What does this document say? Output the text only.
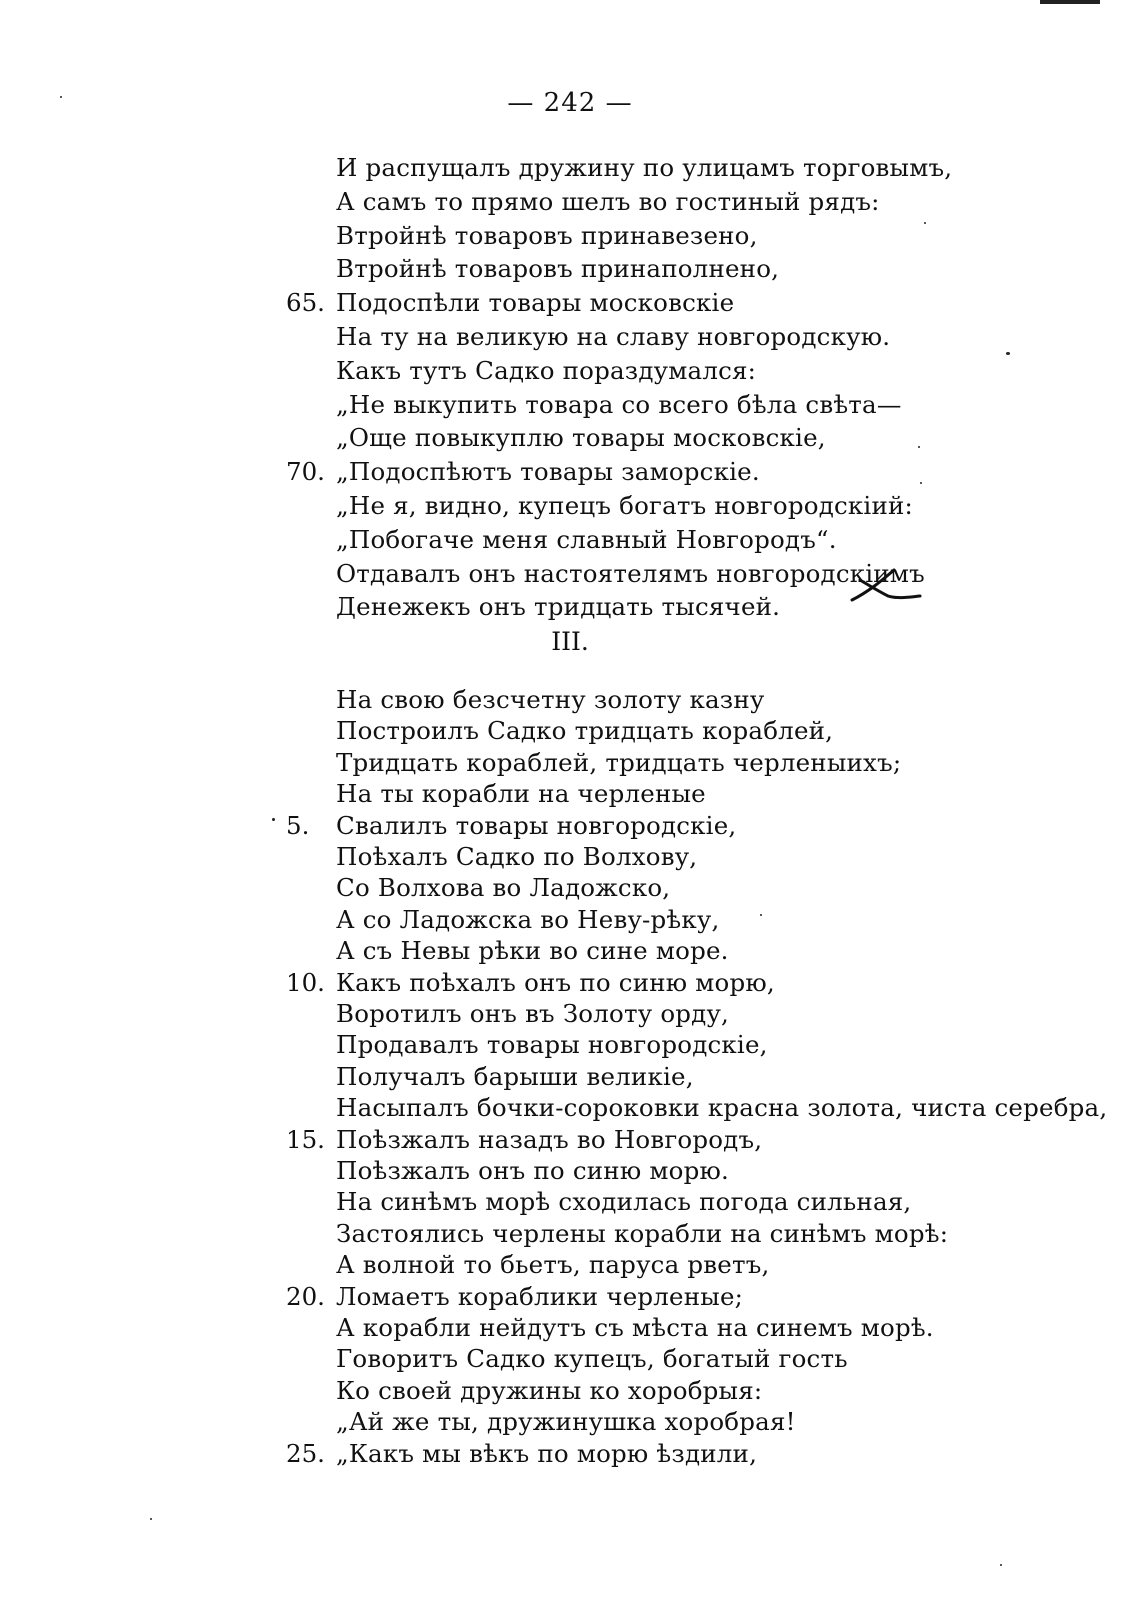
— 242 —
И распущалъ дружину по улицамъ торговымъ,
А самъ то прямо шелъ во гостиный рядъ:
Втройнѣ товаровъ принавезено,
Втройнѣ товаровъ принаполнено,
65. Подоспѣли товары московскіе
На ту на великую на славу новгородскую.
Какъ тутъ Садко пораздумался:
„Не выкупить товара со всего бѣла свѣта—
„Още повыкуплю товары московскіе,
70. „Подоспѣютъ товары заморскіе.
„Не я, видно, купецъ богатъ новгородскіий:
„Побогаче меня славный Новгородъ“.
Отдавалъ онъ настоятелямъ новгородскіимъ
Денежекъ онъ тридцать тысячей.
III.
На свою безсчетну золоту казну
Построилъ Садко тридцать кораблей,
Тридцать кораблей, тридцать черленыихъ;
На ты корабли на черленые
5.	Свалилъ товары новгородскіе,
Поѣхалъ Садко по Волхову,
Со Волхова во Ладожско,
А со Ладожска во Неву-рѣку,
А съ Невы рѣки во сине море.
10. Какъ поѣхалъ онъ по синю морю,
Воротилъ онъ въ Золоту орду,
Продавалъ товары новгородскіе,
Получалъ барыши великіе,
Насыпалъ бочки-сороковки красна золота, чиста серебра,
15. Поѣзжалъ назадъ во Новгородъ,
Поѣзжалъ онъ по синю морю.
На синѣмъ морѣ сходилась погода сильная,
Застоялись черлены корабли на синѣмъ морѣ:
А волной то бьетъ, паруса рветъ,
20. Ломаетъ кораблики черленые;
А корабли нейдутъ съ мѣста на синемъ морѣ.
Говоритъ Садко купецъ, богатый гость
Ко своей дружины ко хоробрыя:
„Ай же ты, дружинушка хоробрая!
25. „Какъ мы вѣкъ по морю ѣздили,
